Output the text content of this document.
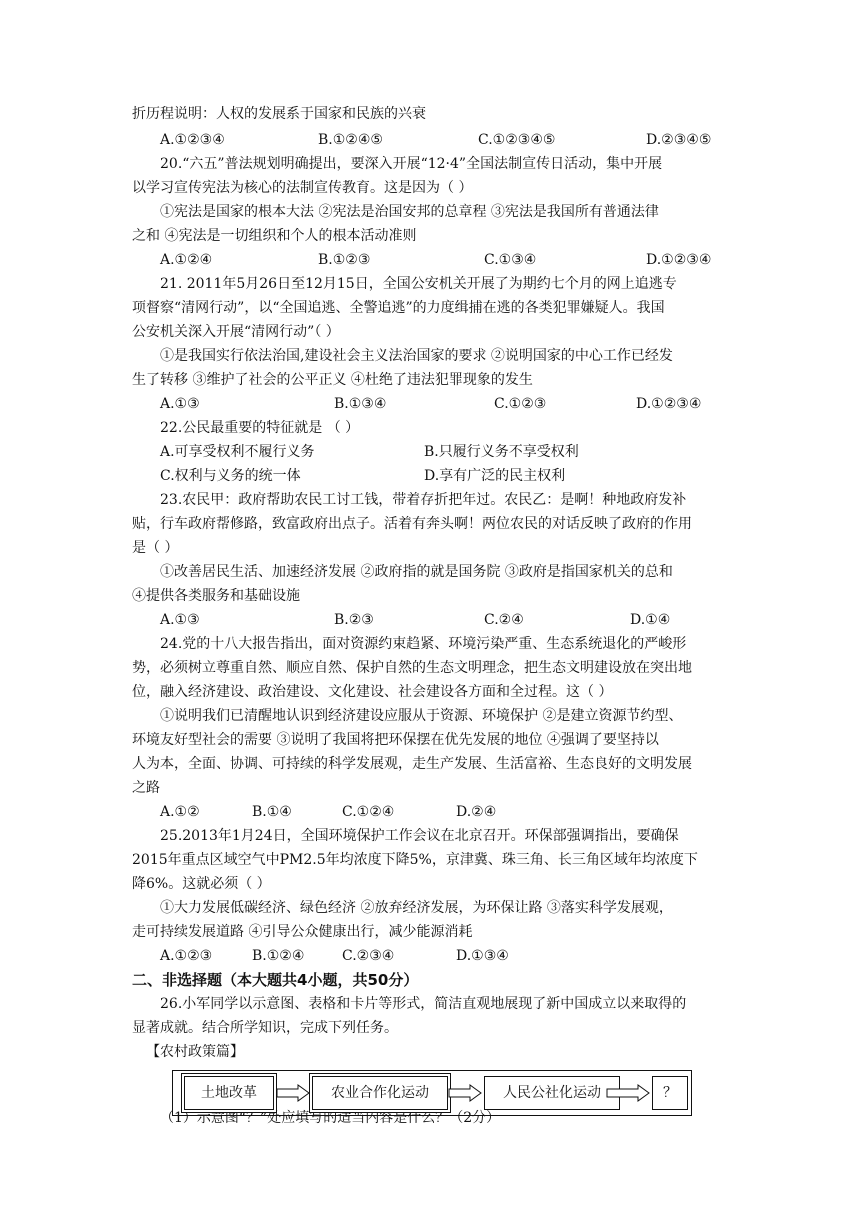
折历程说明：人权的发展系于国家和民族的兴衰
A.①②③④	B.①②④⑤	C.①②③④⑤	D.②③④⑤
20.“六五”普法规划明确提出，要深入开展“12·4”全国法制宣传日活动，集中开展
以学习宣传宪法为核心的法制宣传教育。这是因为（ ）
①宪法是国家的根本大法 ②宪法是治国安邦的总章程 ③宪法是我国所有普通法律
之和 ④宪法是一切组织和个人的根本活动准则
A.①②④	B.①②③	C.①③④	D.①②③④
21. 2011年5月26日至12月15日，全国公安机关开展了为期约七个月的网上追逃专
项督察“清网行动”，以“全国追逃、全警追逃”的力度缉捕在逃的各类犯罪嫌疑人。我国
公安机关深入开展“清网行动”（ ）
①是我国实行依法治国,建设社会主义法治国家的要求 ②说明国家的中心工作已经发
生了转移 ③维护了社会的公平正义 ④杜绝了违法犯罪现象的发生
A.①③	B.①③④	C.①②③	D.①②③④
22.公民最重要的特征就是 （ ）
A.可享受权利不履行义务	B.只履行义务不享受权利
C.权利与义务的统一体	D.享有广泛的民主权利
23.农民甲：政府帮助农民工讨工钱，带着存折把年过。农民乙：是啊！种地政府发补
贴，行车政府帮修路，致富政府出点子。活着有奔头啊！两位农民的对话反映了政府的作用
是（ ）
①改善居民生活、加速经济发展 ②政府指的就是国务院 ③政府是指国家机关的总和
④提供各类服务和基础设施
A.①③	B.②③	C.②④	D.①④
24.党的十八大报告指出，面对资源约束趋紧、环境污染严重、生态系统退化的严峻形
势，必须树立尊重自然、顺应自然、保护自然的生态文明理念，把生态文明建设放在突出地
位，融入经济建设、政治建设、文化建设、社会建设各方面和全过程。这（ ）
①说明我们已清醒地认识到经济建设应服从于资源、环境保护 ②是建立资源节约型、
环境友好型社会的需要 ③说明了我国将把环保摆在优先发展的地位 ④强调了要坚持以
人为本，全面、协调、可持续的科学发展观，走生产发展、生活富裕、生态良好的文明发展
之路
A.①②	B.①④	C.①②④	D.②④
25.2013年1月24日，全国环境保护工作会议在北京召开。环保部强调指出，要确保
2015年重点区域空气中PM2.5年均浓度下降5%，京津冀、珠三角、长三角区域年均浓度下
降6%。这就必须（ ）
①大力发展低碳经济、绿色经济 ②放弃经济发展，为环保让路 ③落实科学发展观，
走可持续发展道路 ④引导公众健康出行，减少能源消耗
A.①②③	B.①②④	C.②③④	D.①③④
二、非选择题（本大题共4小题，共50分）
26.小军同学以示意图、表格和卡片等形式，简洁直观地展现了新中国成立以来取得的
显著成就。结合所学知识，完成下列任务。
【农村政策篇】
（1）示意图“？”处应填写的适当内容是什么？（2分）
土地改革	农业合作化运动	人民公社化运动	？
